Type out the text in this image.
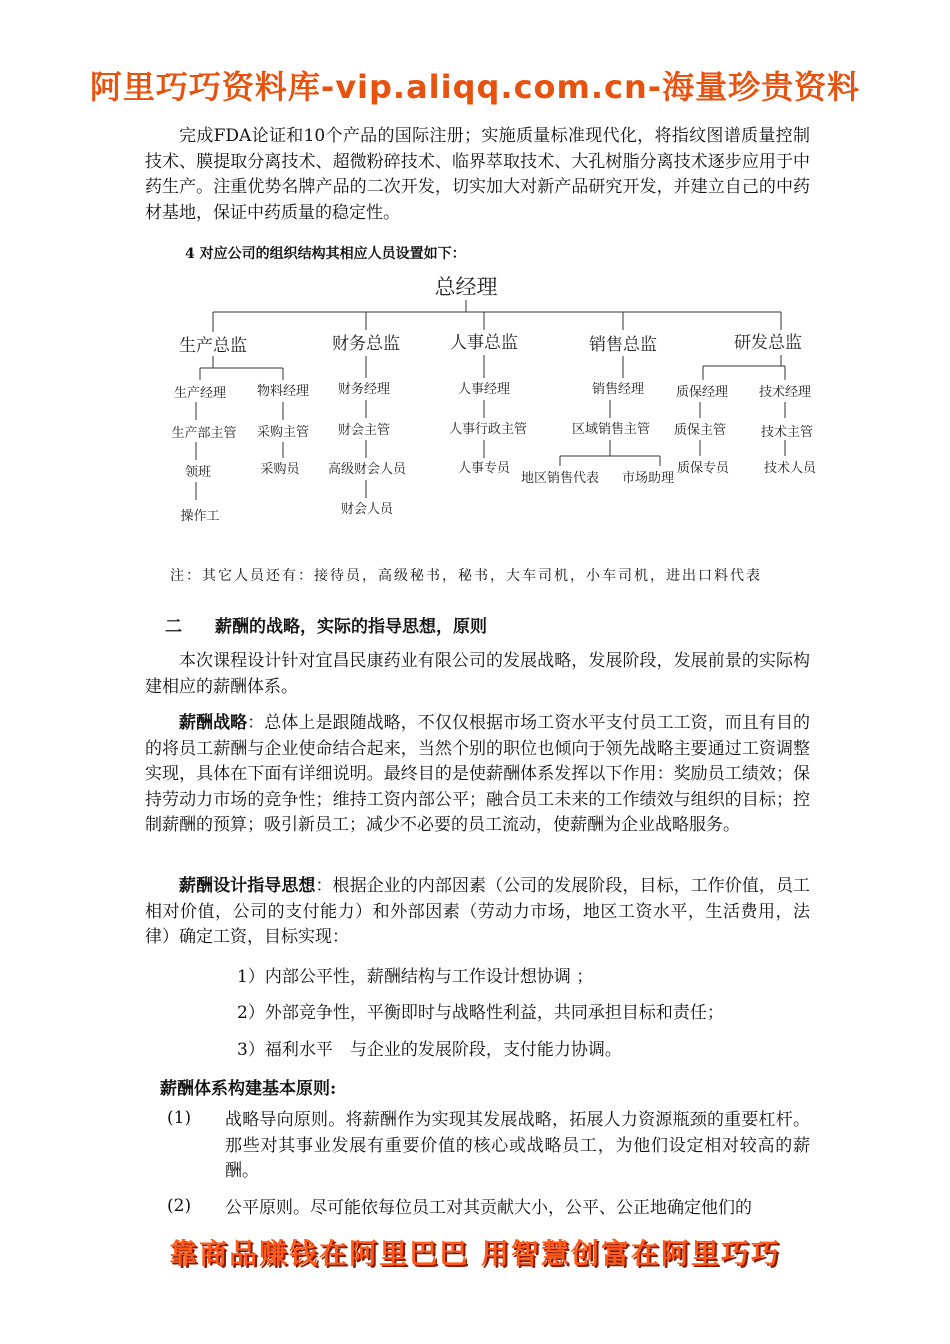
阿里巧巧资料库-vip.aliqq.com.cn-海量珍贵资料
完成FDA论证和10个产品的国际注册；实施质量标准现代化，将指纹图谱质量控制技术、膜提取分离技术、超微粉碎技术、临界萃取技术、大孔树脂分离技术逐步应用于中药生产。注重优势名牌产品的二次开发，切实加大对新产品研究开发，并建立自己的中药材基地，保证中药质量的稳定性。
4 对应公司的组织结构其相应人员设置如下：
总经理
生产总监	财务总监	人事总监	销售总监	研发总监
生产经理
生产部主管
领班
操作工
物料经理
采购主管
采购员
财务经理
财会主管
高级财会人员
财会人员
人事经理
人事行政主管
人事专员
销售经理
区域销售主管
地区销售代表 市场助理
质保经理
质保主管
质保专员
技术经理
技术主管
技术人员
注：其它人员还有：接待员，高级秘书，秘书，大车司机，小车司机，进出口料代表
二 薪酬的战略，实际的指导思想，原则
本次课程设计针对宜昌民康药业有限公司的发展战略，发展阶段，发展前景的实际构建相应的薪酬体系。
薪酬战略：总体上是跟随战略，不仅仅根据市场工资水平支付员工工资，而且有目的的将员工薪酬与企业使命结合起来，当然个别的职位也倾向于领先战略主要通过工资调整实现，具体在下面有详细说明。最终目的是使薪酬体系发挥以下作用：奖励员工绩效；保持劳动力市场的竞争性；维持工资内部公平；融合员工未来的工作绩效与组织的目标；控制薪酬的预算；吸引新员工；减少不必要的员工流动，使薪酬为企业战略服务。
薪酬设计指导思想：根据企业的内部因素（公司的发展阶段，目标，工作价值，员工相对价值，公司的支付能力）和外部因素（劳动力市场，地区工资水平，生活费用，法律）确定工资，目标实现：
1）内部公平性，薪酬结构与工作设计想协调 ；
2）外部竞争性，平衡即时与战略性利益，共同承担目标和责任；
3）福利水平　与企业的发展阶段，支付能力协调。
薪酬体系构建基本原则:
(1) 战略导向原则。将薪酬作为实现其发展战略，拓展人力资源瓶颈的重要杠杆。那些对其事业发展有重要价值的核心或战略员工，为他们设定相对较高的薪酬。
(2) 公平原则。尽可能依每位员工对其贡献大小，公平、公正地确定他们的
靠商品赚钱在阿里巴巴 用智慧创富在阿里巧巧
